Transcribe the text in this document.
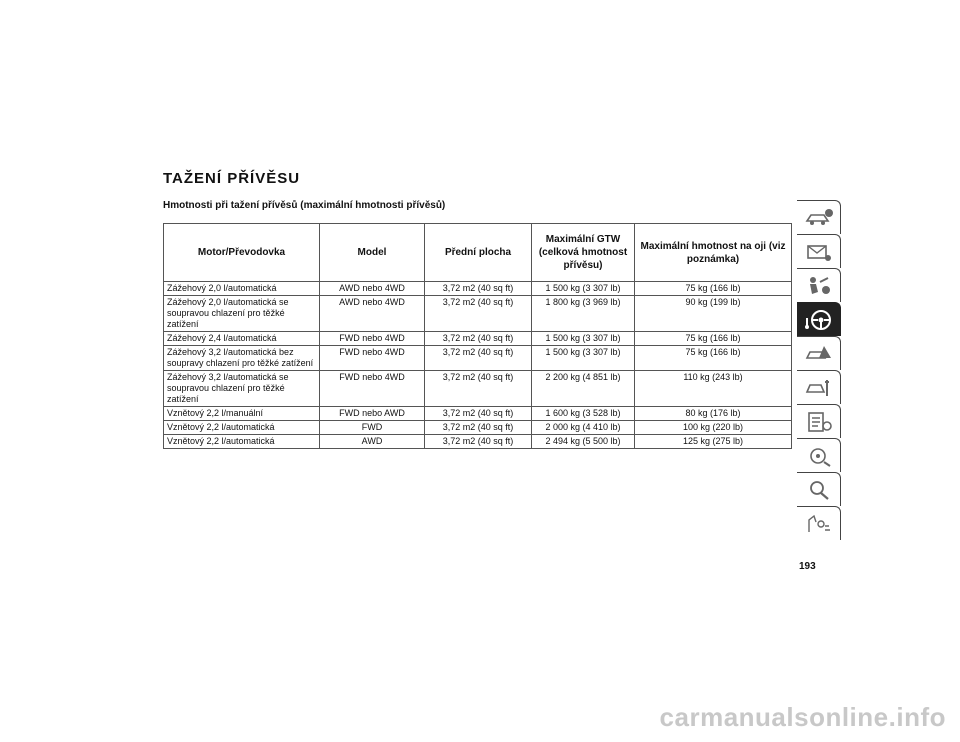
TAŽENÍ PŘÍVĚSU
Hmotnosti při tažení přívěsů (maximální hmotnosti přívěsů)
Motor/Převodovka	Model	Přední plocha	Maximální GTW (celková hmotnost přívěsu)	Maximální hmotnost na oji (viz poznámka)
Zážehový 2,0 l/automatická	AWD nebo 4WD	3,72 m2 (40 sq ft)	1 500 kg (3 307 lb)	75 kg (166 lb)
Zážehový 2,0 l/automatická se soupravou chlazení pro těžké zatížení	AWD nebo 4WD	3,72 m2 (40 sq ft)	1 800 kg (3 969 lb)	90 kg (199 lb)
Zážehový 2,4 l/automatická	FWD nebo 4WD	3,72 m2 (40 sq ft)	1 500 kg (3 307 lb)	75 kg (166 lb)
Zážehový 3,2 l/automatická bez soupravy chlazení pro těžké zatížení	FWD nebo 4WD	3,72 m2 (40 sq ft)	1 500 kg (3 307 lb)	75 kg (166 lb)
Zážehový 3,2 l/automatická se soupravou chlazení pro těžké zatížení	FWD nebo 4WD	3,72 m2 (40 sq ft)	2 200 kg (4 851 lb)	110 kg (243 lb)
Vznětový 2,2 l/manuální	FWD nebo AWD	3,72 m2 (40 sq ft)	1 600 kg (3 528 lb)	80 kg (176 lb)
Vznětový 2,2 l/automatická	FWD	3,72 m2 (40 sq ft)	2 000 kg (4 410 lb)	100 kg (220 lb)
Vznětový 2,2 l/automatická	AWD	3,72 m2 (40 sq ft)	2 494 kg (5 500 lb)	125 kg (275 lb)
193
carmanualsonline.info
